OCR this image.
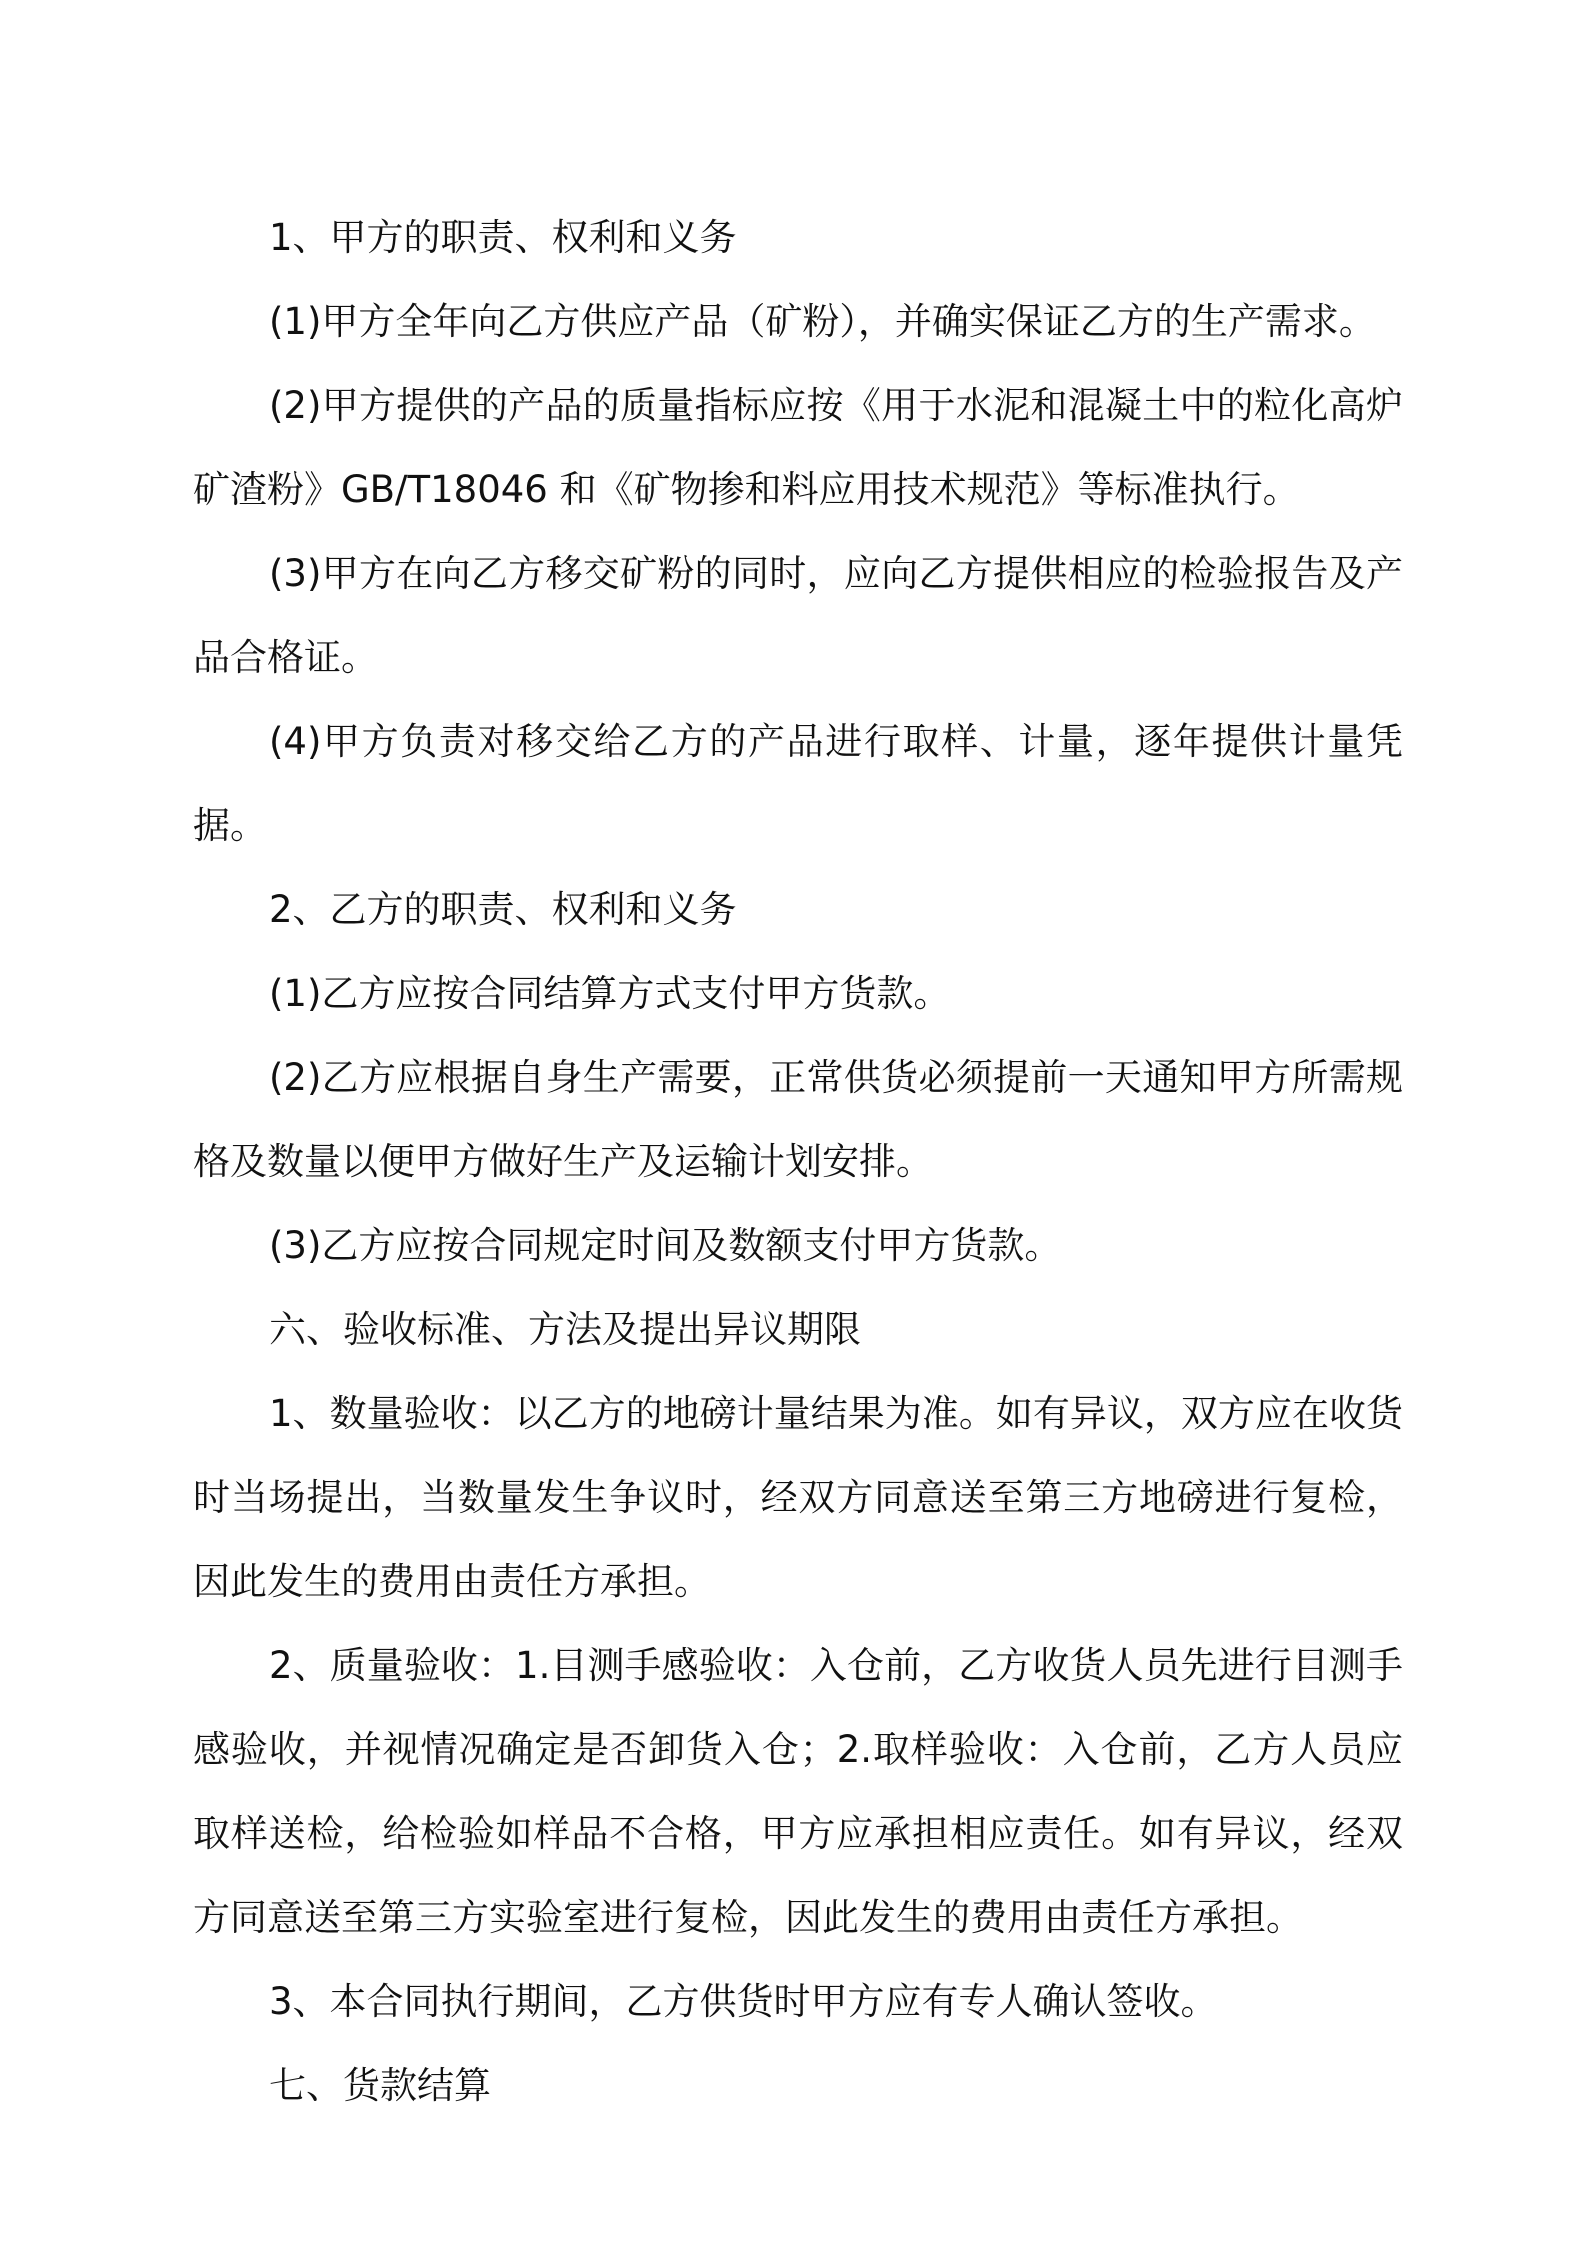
1、甲方的职责、权利和义务

(1)甲方全年向乙方供应产品（矿粉），并确实保证乙方的生产需求。

(2)甲方提供的产品的质量指标应按《用于水泥和混凝土中的粒化高炉矿渣粉》GB/T18046 和《矿物掺和料应用技术规范》等标准执行。

(3)甲方在向乙方移交矿粉的同时，应向乙方提供相应的检验报告及产品合格证。

(4)甲方负责对移交给乙方的产品进行取样、计量，逐年提供计量凭据。

2、乙方的职责、权利和义务

(1)乙方应按合同结算方式支付甲方货款。

(2)乙方应根据自身生产需要，正常供货必须提前一天通知甲方所需规格及数量以便甲方做好生产及运输计划安排。

(3)乙方应按合同规定时间及数额支付甲方货款。

六、验收标准、方法及提出异议期限

1、数量验收：以乙方的地磅计量结果为准。如有异议，双方应在收货时当场提出，当数量发生争议时，经双方同意送至第三方地磅进行复检，因此发生的费用由责任方承担。

2、质量验收：1.目测手感验收：入仓前，乙方收货人员先进行目测手感验收，并视情况确定是否卸货入仓；2.取样验收：入仓前，乙方人员应取样送检，给检验如样品不合格，甲方应承担相应责任。如有异议，经双方同意送至第三方实验室进行复检，因此发生的费用由责任方承担。

3、本合同执行期间，乙方供货时甲方应有专人确认签收。

七、货款结算
